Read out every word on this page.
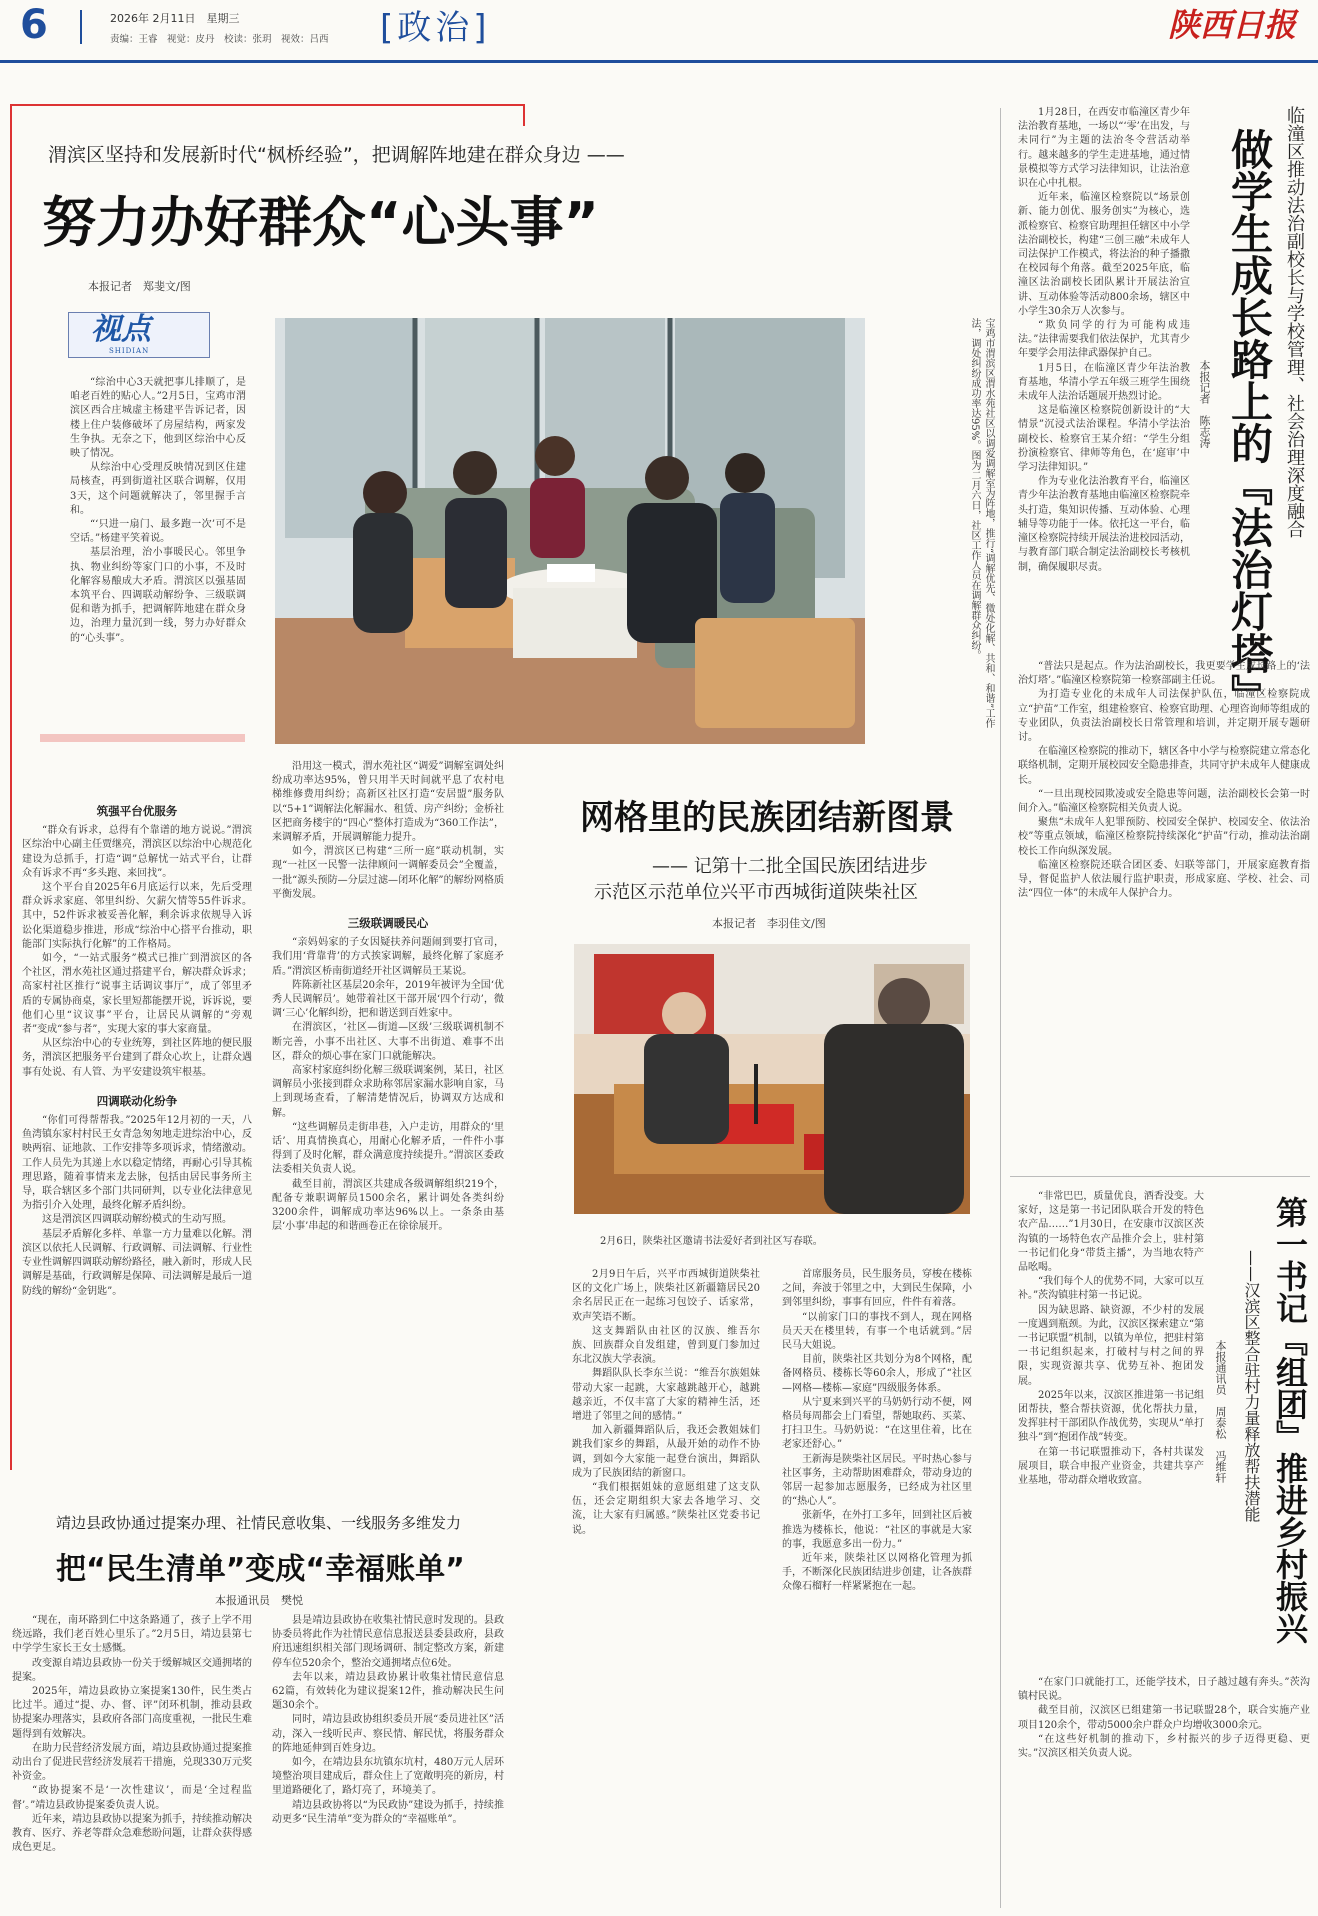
6	2026年 2月11日　星期三
责编：王睿　视觉：皮丹　校读：张玥　视效：吕西 [政治]	陕西日报
渭滨区坚持和发展新时代“枫桥经验”，把调解阵地建在群众身边 ——
努力办好群众“心头事”
本报记者　郑斐文/图
视点
SHIDIAN

“综治中心3天就把事儿排顺了，是咱老百姓的贴心人。”2月5日，宝鸡市渭滨区西合庄城虚主杨建平告诉记者，因楼上住户装修破坏了房屋结构，两家发生争执。无奈之下，他到区综治中心反映了情况。

从综治中心受理反映情况到区住建局核查，再到街道社区联合调解，仅用3天，这个问题就解决了，邻里握手言和。

“‘只进一扇门、最多跑一次’可不是空话。”杨建平笑着说。

基层治理，治小事暖民心。邻里争执、物业纠纷等家门口的小事，不及时化解容易酿成大矛盾。渭滨区以强基固本筑平台、四调联动解纷争、三级联调促和谐为抓手，把调解阵地建在群众身边，治理力量沉到一线，努力办好群众的“心头事”。	宝鸡市渭滨区渭水苑社区以调爱调解室为阵地，推行“调解优先、微处化解、共和、和谐”工作法，调处纠纷成功率达95%。图为二月六日，社区工作人员在调解群众纠纷。
筑强平台优服务

“群众有诉求，总得有个靠谱的地方说说。”渭滨区综治中心副主任贾继亮，渭滨区以综治中心规范化建设为总抓手，打造“调”总解忧一站式平台，让群众有诉求不再“多头跑、来回找”。

这个平台自2025年6月底运行以来，先后受理群众诉求家庭、邻里纠纷、欠薪欠情等55件诉求。其中，52件诉求被妥善化解，剩余诉求依规导入诉讼化渠道稳步推进，形成“综治中心搭平台推动，职能部门实际执行化解”的工作格局。

如今，“一站式服务”模式已推广到渭滨区的各个社区，渭水苑社区通过搭建平台，解决群众诉求；高家村社区推行“说事主话调议事厅”，成了邻里矛盾的专属协商桌，家长里短都能摆开说，诉诉说，要他们心里“议议事”平台，让居民从调解的“旁观者”变成“参与者”，实现大家的事大家商量。

从区综治中心的专业统筹，到社区阵地的便民服务，渭滨区把服务平台建到了群众心坎上，让群众遇事有处说、有人管、为平安建设筑牢根基。

四调联动化纷争

“你们可得帮帮我。”2025年12月初的一天，八鱼湾镇东家村村民王女青急匆匆地走进综治中心，反映两宿、证地款、工作安排等多项诉求，情绪激动。工作人员先为其递上水以稳定情绪，再耐心引导其梳理思路，随着事情来龙去脉，包括由居民事务所主导，联合辖区多个部门共同研判，以专业化法律意见为指引介入处理，最终化解矛盾纠纷。

这是渭滨区四调联动解纷模式的生动写照。

基层矛盾解化多样、单靠一方力量难以化解。渭滨区以依托人民调解、行政调解、司法调解、行业性专业性调解四调联动解纷路径，融入新时，形成人民调解是基础，行政调解是保障、司法调解是最后一道防线的解纷“金钥匙”。

沿用这一模式，渭水苑社区“调爱”调解室调处纠纷成功率达95%，曾只用半天时间就平息了农村电梯维修费用纠纷；高新区社区打造“安居盟”服务队以“5+1”调解法化解漏水、租赁、房产纠纷；金桥社区把商务楼宇的“四心”整体打造成为“360工作法”，来调解矛盾，开展调解能力提升。

如今，渭滨区已构建“三所一庭”联动机制，实现“一社区一民警一法律顾问一调解委员会”全覆盖，一批“源头预防—分层过滤—闭环化解”的解纷网格质平衡发展。

三级联调暖民心

“亲妈妈家的子女因疑扶养问题闹到要打官司，我们用‘背靠背’的方式挨家调解，最终化解了家庭矛盾。”渭滨区桥南街道经开社区调解员王某说。

阵陈新社区基层20余年，2019年被评为全国‘优秀人民调解员’。她带着社区干部开展‘四个行动’，微调‘三心’化解纠纷，把和谐送到百姓家中。

在渭滨区，‘社区—街道—区级’三级联调机制不断完善，小事不出社区、大事不出街道、难事不出区，群众的烦心事在家门口就能解决。

高家村家庭纠纷化解三级联调案例，某日，社区调解员小张接到群众求助称邻居家漏水影响自家，马上到现场查看，了解清楚情况后，协调双方达成和解。

“这些调解员走街串巷，入户走访，用群众的‘里话’、用真情换真心，用耐心化解矛盾，一件件小事得到了及时化解，群众满意度持续提升。”渭滨区委政法委相关负责人说。

截至目前，渭滨区共建成各级调解组织219个，配备专兼职调解员1500余名，累计调处各类纠纷3200余件，调解成功率达96%以上。一条条由基层‘小事’串起的和谐画卷正在徐徐展开。

网格里的民族团结新图景
—— 记第十二批全国民族团结进步
示范区示范单位兴平市西城街道陕柴社区
本报记者　李羽佳文/图
2月6日，陕柴社区邀请书法爱好者到社区写春联。

2月9日午后，兴平市西城街道陕柴社区的文化广场上，陕柴社区新疆籍居民20余名居民正在一起练习包饺子、话家常，欢声笑语不断。

这支舞蹈队由社区的汉族、维吾尔族、回族群众自发组建，曾到夏门参加过东北汉族大学表演。

舞蹈队队长李东兰说：“维吾尔族姐妹带动大家一起跳，大家越跳越开心，越跳越亲近，不仅丰富了大家的精神生活，还增进了邻里之间的感情。”

加入新疆舞蹈队后，我还会教姐妹们跳我们家乡的舞蹈，从最开始的动作不协调，到如今大家能一起登台演出，舞蹈队成为了民族团结的新窗口。

“我们根据姐妹的意愿组建了这支队伍，还会定期组织大家去各地学习、交流，让大家有归属感。”陕柴社区党委书记说。

首席服务员，民生服务员，穿梭在楼栋之间，奔波于邻里之中，大到民生保障，小到邻里纠纷，事事有回应，件件有着落。

“以前家门口的事找不到人，现在网格员天天在楼里转，有事一个电话就到。”居民马大姐说。

目前，陕柴社区共划分为8个网格，配备网格员、楼栋长等60余人，形成了“社区—网格—楼栋—家庭”四级服务体系。

从宁夏来到兴平的马奶奶行动不便，网格员每周都会上门看望，帮她取药、买菜、打扫卫生。马奶奶说：“在这里住着，比在老家还舒心。”

王新海是陕柴社区居民。平时热心参与社区事务，主动帮助困难群众，带动身边的邻居一起参加志愿服务，已经成为社区里的“热心人”。

张新华，在外打工多年，回到社区后被推选为楼栋长，他说：“社区的事就是大家的事，我愿意多出一份力。”

近年来，陕柴社区以网格化管理为抓手，不断深化民族团结进步创建，让各族群众像石榴籽一样紧紧抱在一起。

靖边县政协通过提案办理、社情民意收集、一线服务多维发力
把“民生清单”变成“幸福账单”
本报通讯员　樊悦

“现在，南环路到仁中这条路通了，孩子上学不用绕远路，我们老百姓心里乐了。”2月5日，靖边县第七中学学生家长王女士感慨。

改变源自靖边县政协一份关于缓解城区交通拥堵的提案。

2025年，靖边县政协立案提案130件，民生类占比过半。通过“提、办、督、评”闭环机制，推动县政协提案办理落实，县政府各部门高度重视，一批民生难题得到有效解决。

在助力民营经济发展方面，靖边县政协通过提案推动出台了促进民营经济发展若干措施，兑现330万元奖补资金。

“政协提案不是‘一次性建议’，而是‘全过程监督’。”靖边县政协提案委负责人说。

近年来，靖边县政协以提案为抓手，持续推动解决教育、医疗、养老等群众急难愁盼问题，让群众获得感成色更足。

县是靖边县政协在收集社情民意时发现的。县政协委员将此作为社情民意信息报送县委县政府，县政府迅速组织相关部门现场调研、制定整改方案，新建停车位520余个，整治交通拥堵点位6处。

去年以来，靖边县政协累计收集社情民意信息62篇，有效转化为建议提案12件，推动解决民生问题30余个。

同时，靖边县政协组织委员开展“委员进社区”活动，深入一线听民声、察民情、解民忧，将服务群众的阵地延伸到百姓身边。

如今，在靖边县东坑镇东坑村，480万元人居环境整治项目建成后，群众住上了宽敞明亮的新房，村里道路硬化了，路灯亮了，环境美了。

靖边县政协将以“为民政协”建设为抓手，持续推动更多“民生清单”变为群众的“幸福账单”。

临潼区推动法治副校长与学校管理、社会治理深度融合
做学生成长路上的『法治灯塔』
本报记者　陈志涛

1月28日，在西安市临潼区青少年法治教育基地，一场以“‘零’在出发，与未同行”为主题的法治冬令营活动举行。越来越多的学生走进基地，通过情景模拟等方式学习法律知识，让法治意识在心中扎根。

近年来，临潼区检察院以“场景创新、能力创优、服务创实”为核心，选派检察官、检察官助理担任辖区中小学法治副校长，构建“三创三融”未成年人司法保护工作模式，将法治的种子播撒在校园每个角落。截至2025年底，临潼区法治副校长团队累计开展法治宣讲、互动体验等活动800余场，辖区中小学生30余万人次参与。

“欺负同学的行为可能构成违法。”法律需要我们依法保护，尤其青少年要学会用法律武器保护自己。

1月5日，在临潼区青少年法治教育基地，华清小学五年级三班学生围绕未成年人法治话题展开热烈讨论。

这是临潼区检察院创新设计的“大情景”沉浸式法治课程。华清小学法治副校长、检察官王某介绍：“学生分组扮演检察官、律师等角色，在‘庭审’中学习法律知识。”

作为专业化法治教育平台，临潼区青少年法治教育基地由临潼区检察院牵头打造，集知识传播、互动体验、心理辅导等功能于一体。依托这一平台，临潼区检察院持续开展法治进校园活动，与教育部门联合制定法治副校长考核机制，确保履职尽责。

“普法只是起点。作为法治副校长，我更要学生成长路上的‘法治灯塔’。”临潼区检察院第一检察部副主任说。

为打造专业化的未成年人司法保护队伍，临潼区检察院成立“护苗”工作室，组建检察官、检察官助理、心理咨询师等组成的专业团队，负责法治副校长日常管理和培训，并定期开展专题研讨。

在临潼区检察院的推动下，辖区各中小学与检察院建立常态化联络机制，定期开展校园安全隐患排查，共同守护未成年人健康成长。

“一旦出现校园欺凌或安全隐患等问题，法治副校长会第一时间介入。”临潼区检察院相关负责人说。

聚焦“未成年人犯罪预防、校园安全保护、校园安全、依法治校”等重点领域，临潼区检察院持续深化“护苗”行动，推动法治副校长工作向纵深发展。

临潼区检察院还联合团区委、妇联等部门，开展家庭教育指导，督促监护人依法履行监护职责，形成家庭、学校、社会、司法“四位一体”的未成年人保护合力。

第一书记『组团』推进乡村振兴
——汉滨区整合驻村力量释放帮扶潜能
本报通讯员　周泰松　冯维轩

“非常巴巴，质量优良，酒香没变。大家好，这是第一书记团队联合开发的特色农产品……”1月30日，在安康市汉滨区茨沟镇的一场特色农产品推介会上，驻村第一书记们化身“带货主播”，为当地农特产品吆喝。

“我们每个人的优势不同，大家可以互补。”茨沟镇驻村第一书记说。

因为缺思路、缺资源，不少村的发展一度遇到瓶颈。为此，汉滨区探索建立“第一书记联盟”机制，以镇为单位，把驻村第一书记组织起来，打破村与村之间的界限，实现资源共享、优势互补、抱团发展。

2025年以来，汉滨区推进第一书记组团帮扶，整合帮扶资源，优化帮扶力量，发挥驻村干部团队作战优势，实现从“单打独斗”到“抱团作战”转变。

在第一书记联盟推动下，各村共谋发展项目，联合申报产业资金，共建共享产业基地，带动群众增收致富。

“在家门口就能打工，还能学技术，日子越过越有奔头。”茨沟镇村民说。

截至目前，汉滨区已组建第一书记联盟28个，联合实施产业项目120余个，带动5000余户群众户均增收3000余元。

“在这些好机制的推动下，乡村振兴的步子迈得更稳、更实。”汉滨区相关负责人说。
